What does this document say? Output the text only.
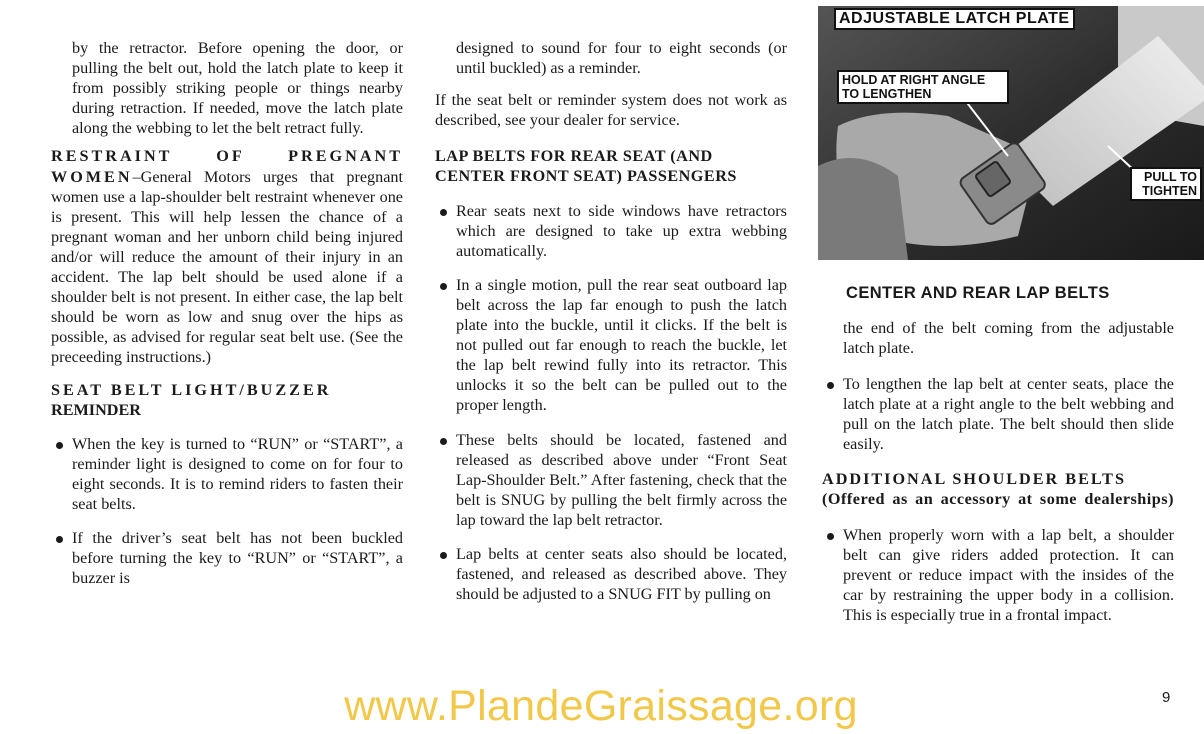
by the retractor. Before opening the door, or pulling the belt out, hold the latch plate to keep it from possibly striking people or things nearby during retraction. If needed, move the latch plate along the webbing to let the belt retract fully.

RESTRAINT OF PREGNANT WOMEN–General Motors urges that pregnant women use a lap-shoulder belt restraint whenever one is present. This will help lessen the chance of a pregnant woman and her unborn child being injured and/or will reduce the amount of their injury in an accident. The lap belt should be used alone if a shoulder belt is not present. In either case, the lap belt should be worn as low and snug over the hips as possible, as advised for regular seat belt use. (See the preceeding instructions.)

SEAT BELT LIGHT/BUZZER
REMINDER

When the key is turned to “RUN” or “START”, a reminder light is designed to come on for four to eight seconds. It is to remind riders to fasten their seat belts.

If the driver’s seat belt has not been buckled before turning the key to “RUN” or “START”, a buzzer is

designed to sound for four to eight seconds (or until buckled) as a reminder.

If the seat belt or reminder system does not work as described, see your dealer for service.

LAP BELTS FOR REAR SEAT (AND CENTER FRONT SEAT) PASSENGERS

Rear seats next to side windows have retractors which are designed to take up extra webbing automatically.

In a single motion, pull the rear seat outboard lap belt across the lap far enough to push the latch plate into the buckle, until it clicks. If the belt is not pulled out far enough to reach the buckle, let the lap belt rewind fully into its retractor. This unlocks it so the belt can be pulled out to the proper length.

These belts should be located, fastened and released as described above under “Front Seat Lap-Shoulder Belt.” After fastening, check that the belt is SNUG by pulling the belt firmly across the lap toward the lap belt retractor.

Lap belts at center seats also should be located, fastened, and released as described above. They should be adjusted to a SNUG FIT by pulling on

ADJUSTABLE LATCH PLATE
HOLD AT RIGHT ANGLE TO LENGTHEN
PULL TO TIGHTEN
CENTER AND REAR LAP BELTS

the end of the belt coming from the adjustable latch plate.

To lengthen the lap belt at center seats, place the latch plate at a right angle to the belt webbing and pull on the latch plate. The belt should then slide easily.

ADDITIONAL SHOULDER BELTS
(Offered as an accessory at some dealerships)

When properly worn with a lap belt, a shoulder belt can give riders added protection. It can prevent or reduce impact with the insides of the car by restraining the upper body in a collision. This is especially true in a frontal impact.

9
www.PlandeGraissage.org
